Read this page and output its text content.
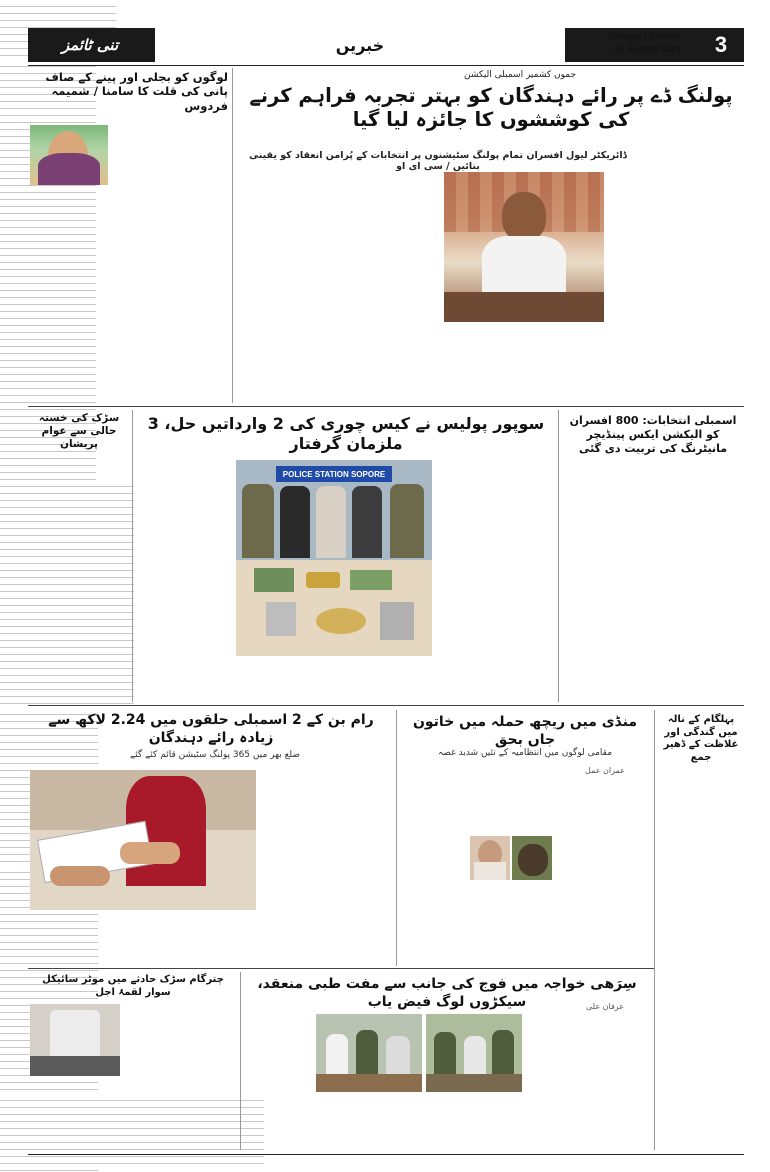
تنی ٹائمز	خبریں	Srinagar | Sunday
25 August 2024 3
لوگوں کو بجلی اور پینے کے صاف پانی کی قلت کا سامنا / شمیمہ فردوس
جموں کشمیر اسمبلی الیکشن
پولنگ ڈے پر رائے دہندگان کو بہتر تجربہ فراہم کرنے کی کوششوں کا جائزہ لیا گیا
ڈائریکٹر لیول افسران تمام پولنگ سٹیشنوں پر انتخابات کے پُرامن انعقاد کو یقینی بنائیں / سی ای او
سڑک کی خستہ حالی سے عوام پریشان
سوپور پولیس نے کیس چوری کی 2 وارداتیں حل، 3 ملزمان گرفتار
POLICE STATION SOPORE
اسمبلی انتخابات: 800 افسران کو الیکشن ایکس پینڈیچر مانیٹرنگ کی تربیت دی گئی
رام بن کے 2 اسمبلی حلقوں میں 2.24 لاکھ سے زیادہ رائے دہندگان
ضلع بھر میں 365 پولنگ سٹیشن قائم کئے گئے
منڈی میں ریچھ حملہ میں خاتون جاں بحق
مقامی لوگوں میں انتظامیہ کے تئیں شدید غصہ
عمران عمل
پہلگام کے نالہ میں گندگی اور غلاظت کے ڈھیر جمع
چترگام سڑک حادثے میں موٹر سائیکل سوار لقمۂ اجل	سِرَھی خواجہ میں فوج کی جانب سے مفت طبی منعقد، سیکڑوں لوگ فیض یاب	عرفان علی
